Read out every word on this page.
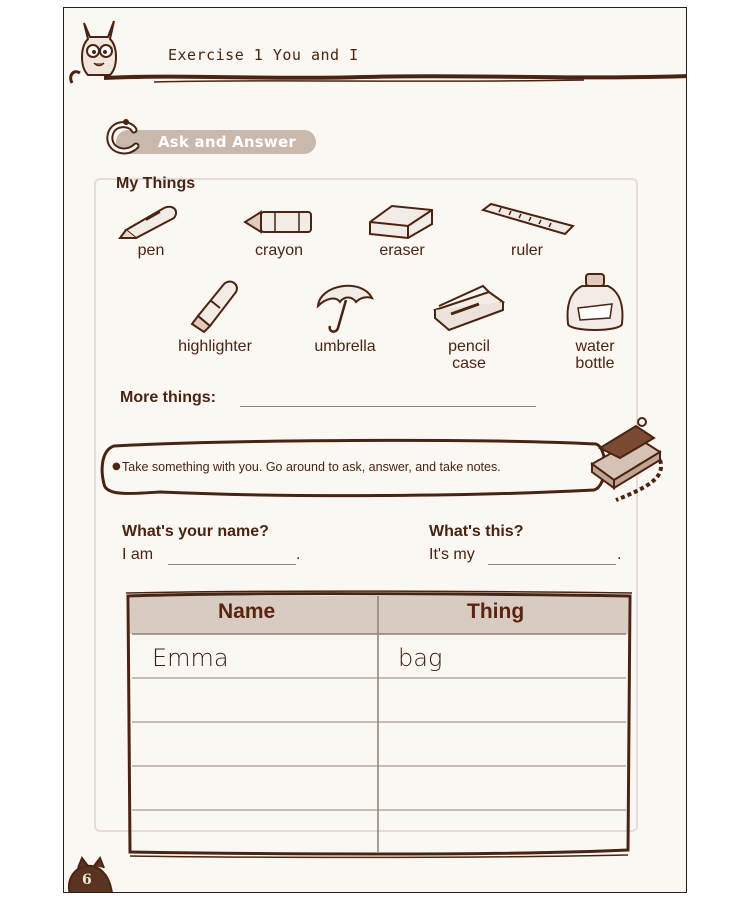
Exercise 1 You and I
Ask and Answer
My Things
pen	crayon	eraser	ruler
highlighter	umbrella	pencil
case
water
bottle
More things:
● Take something with you. Go around to ask, answer, and take notes.
What's your name?
I am	.
What's this?
It's my	.
Name	Thing
Emma	bag
6
